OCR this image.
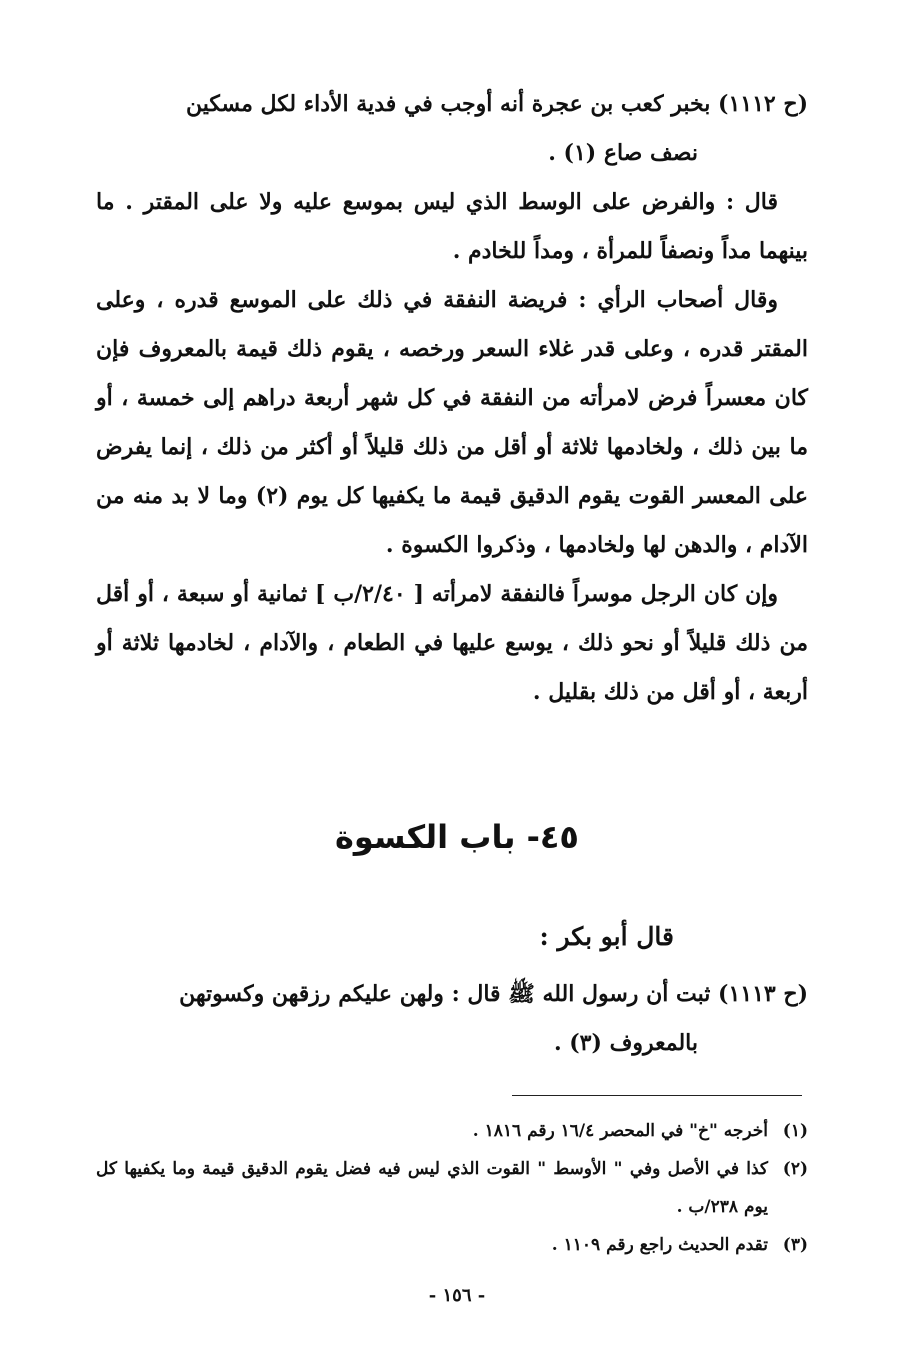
(ح ١١١٢) بخبر كعب بن عجرة أنه أوجب في فدية الأداء لكل مسكين
نصف صاع (١) .

قال : والفرض على الوسط الذي ليس بموسع عليه ولا على المقتر . ما بينهما مداً ونصفاً للمرأة ، ومداً للخادم .

وقال أصحاب الرأي : فريضة النفقة في ذلك على الموسع قدره ، وعلى المقتر قدره ، وعلى قدر غلاء السعر ورخصه ، يقوم ذلك قيمة بالمعروف فإن كان معسراً فرض لامرأته من النفقة في كل شهر أربعة دراهم إلى خمسة ، أو ما بين ذلك ، ولخادمها ثلاثة أو أقل من ذلك قليلاً أو أكثر من ذلك ، إنما يفرض على المعسر القوت يقوم الدقيق قيمة ما يكفيها كل يوم (٢) وما لا بد منه من الآدام ، والدهن لها ولخادمها ، وذكروا الكسوة .

وإن كان الرجل موسراً فالنفقة لامرأته [ ٢/٤٠/ب ] ثمانية أو سبعة ، أو أقل من ذلك قليلاً أو نحو ذلك ، يوسع عليها في الطعام ، والآدام ، لخادمها ثلاثة أو أربعة ، أو أقل من ذلك بقليل .

٤٥- باب الكسوة
قال أبو بكر :

(ح ١١١٣) ثبت أن رسول الله ﷺ قال : ولهن عليكم رزقهن وكسوتهن
بالمعروف (٣) .

(١)
أخرجه "خ" في المحصر ١٦/٤ رقم ١٨١٦ .
(٢)
كذا في الأصل وفي " الأوسط " القوت الذي ليس فيه فضل يقوم الدقيق قيمة وما يكفيها كل يوم ٢٣٨/ب .
(٣)
تقدم الحديث راجع رقم ١١٠٩ .
- ١٥٦ -
